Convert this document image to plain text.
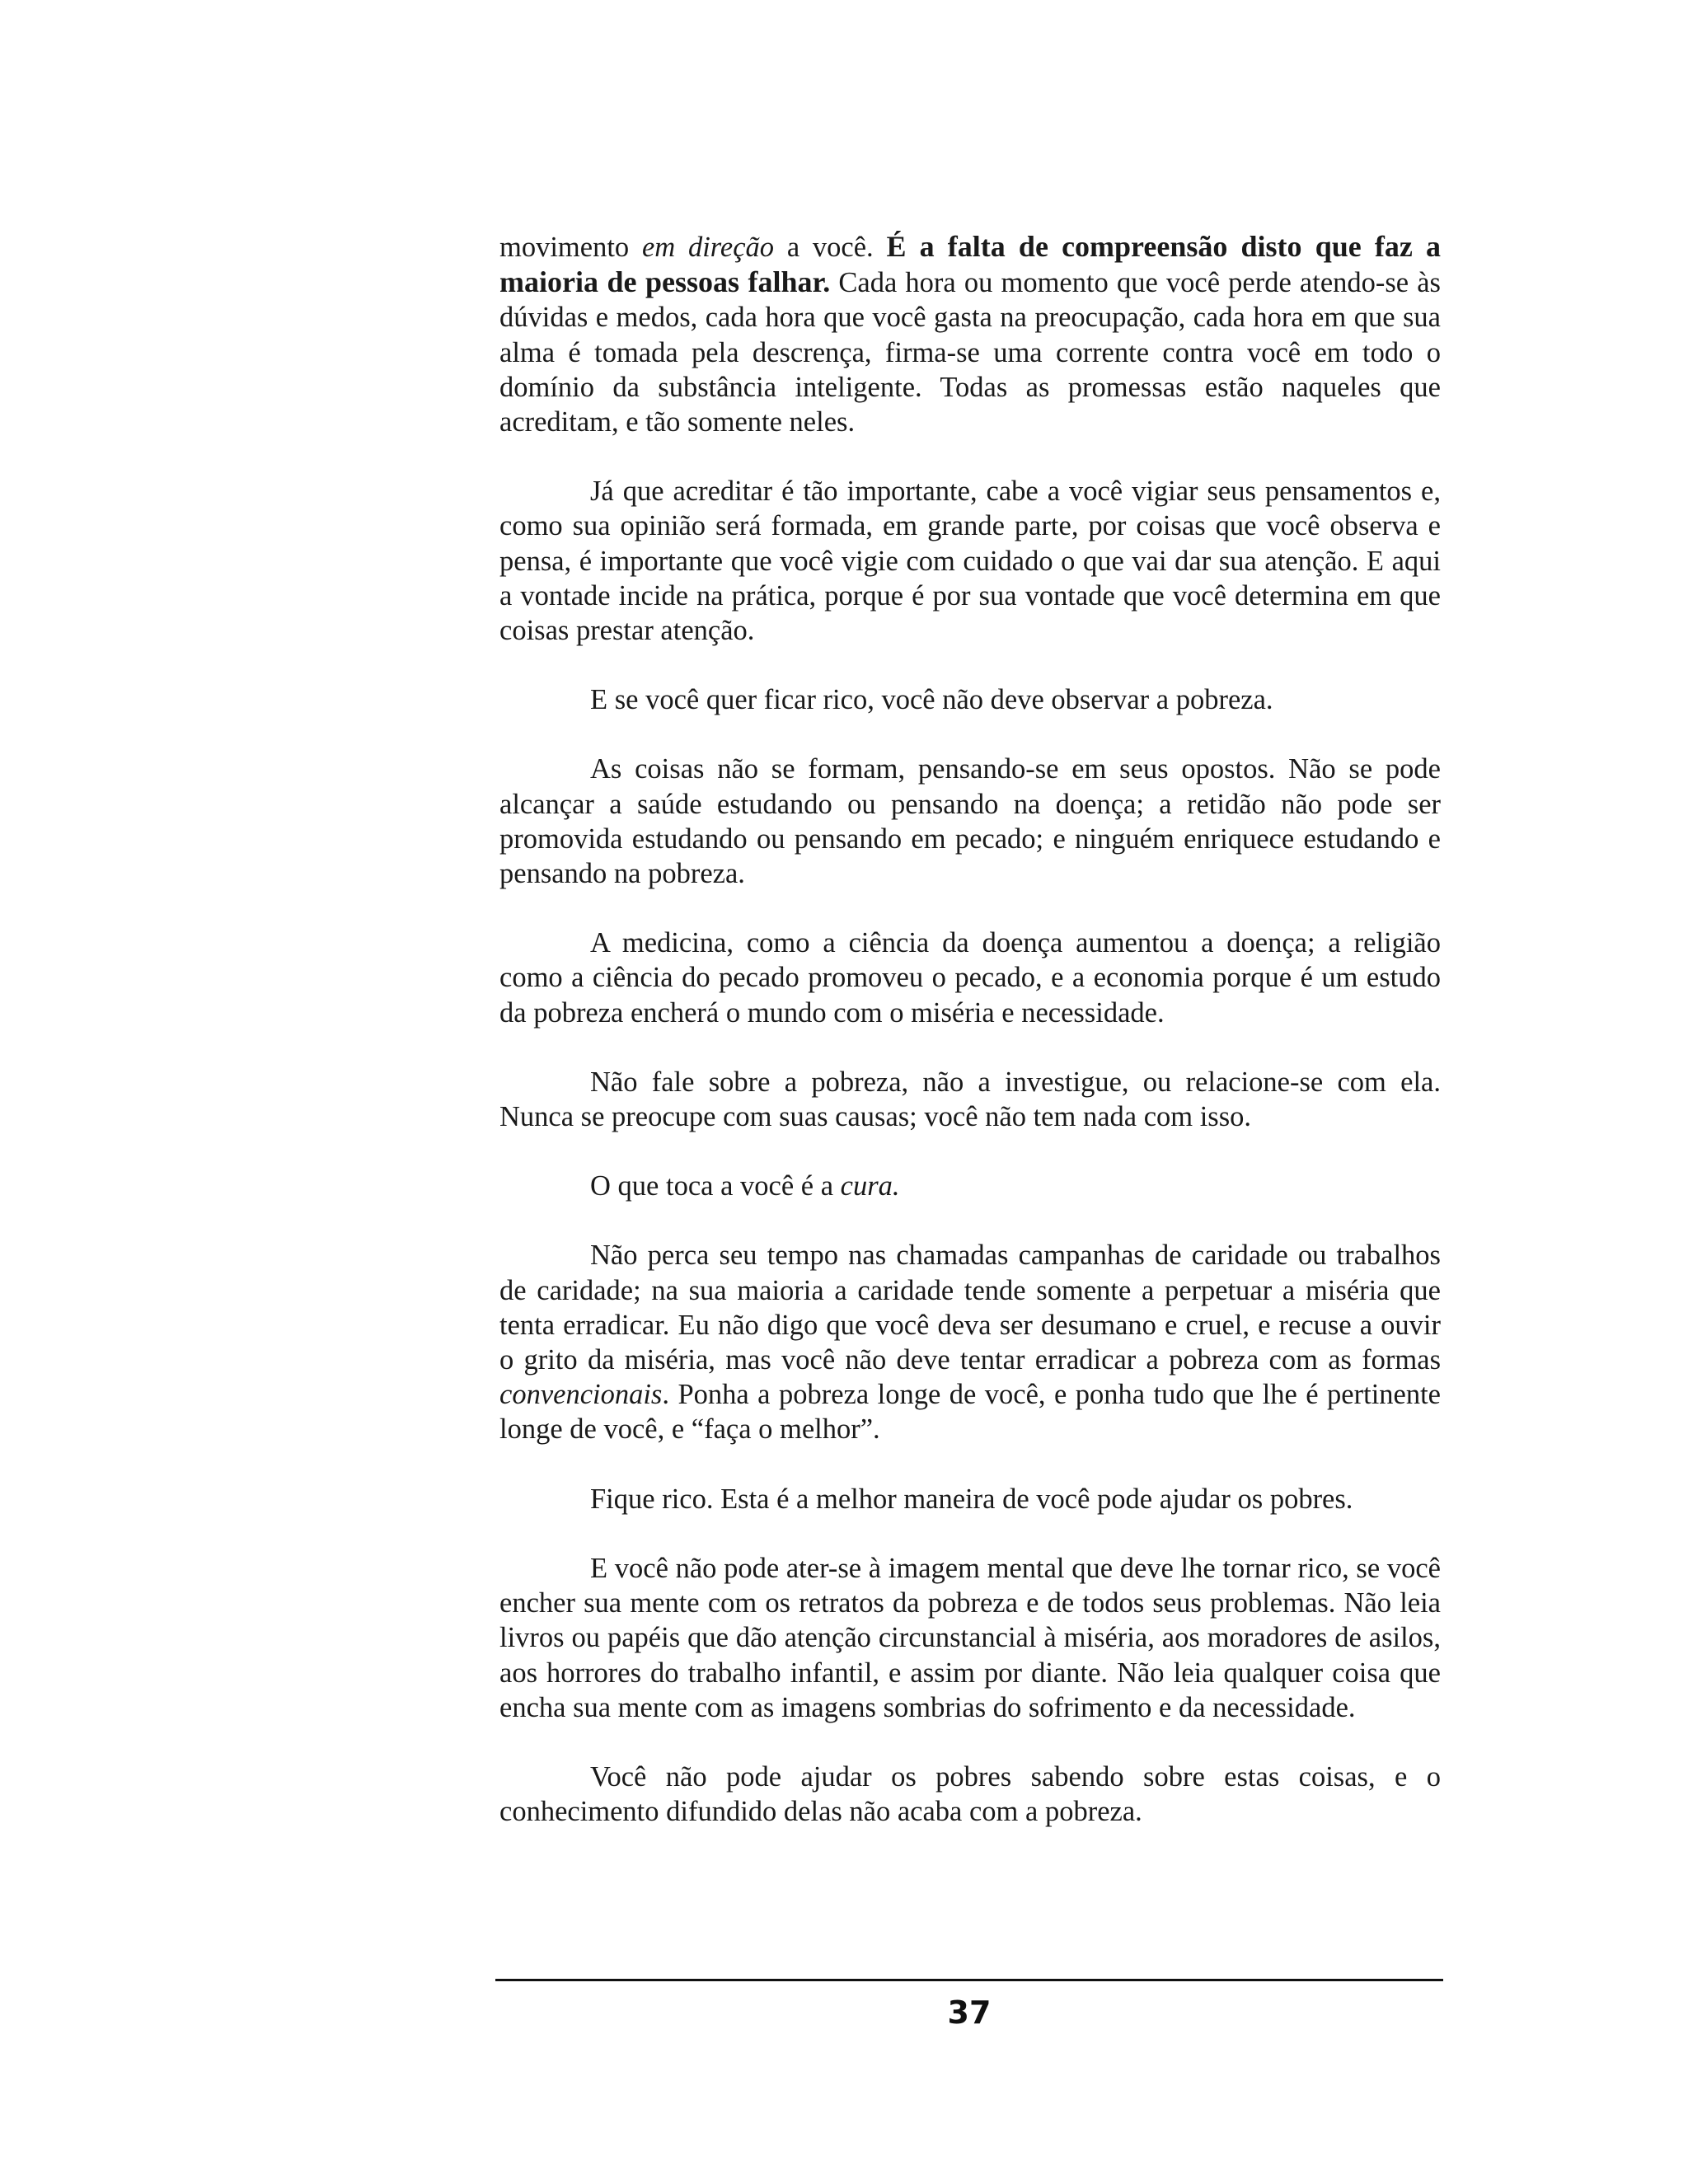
movimento em direção a você. É a falta de compreensão disto que faz a maioria de pessoas falhar. Cada hora ou momento que você perde atendo-se às dúvidas e medos, cada hora que você gasta na preocupação, cada hora em que sua alma é tomada pela descrença, firma-se uma corrente contra você em todo o domínio da substância inteligente. Todas as promessas estão naqueles que acreditam, e tão somente neles.

Já que acreditar é tão importante, cabe a você vigiar seus pensamentos e, como sua opinião será formada, em grande parte, por coisas que você observa e pensa, é importante que você vigie com cuidado o que vai dar sua atenção. E aqui a vontade incide na prática, porque é por sua vontade que você determina em que coisas prestar atenção.

E se você quer ficar rico, você não deve observar a pobreza.

As coisas não se formam, pensando-se em seus opostos. Não se pode alcançar a saúde estudando ou pensando na doença; a retidão não pode ser promovida estudando ou pensando em pecado; e ninguém enriquece estudando e pensando na pobreza.

A medicina, como a ciência da doença aumentou a doença; a religião como a ciência do pecado promoveu o pecado, e a economia porque é um estudo da pobreza encherá o mundo com o miséria e necessidade.

Não fale sobre a pobreza, não a investigue, ou relacione-se com ela. Nunca se preocupe com suas causas; você não tem nada com isso.

O que toca a você é a cura.

Não perca seu tempo nas chamadas campanhas de caridade ou trabalhos de caridade; na sua maioria a caridade tende somente a perpetuar a miséria que tenta erradicar. Eu não digo que você deva ser desumano e cruel, e recuse a ouvir o grito da miséria, mas você não deve tentar erradicar a pobreza com as formas convencionais. Ponha a pobreza longe de você, e ponha tudo que lhe é pertinente longe de você, e “faça o melhor”.

Fique rico. Esta é a melhor maneira de você pode ajudar os pobres.

E você não pode ater-se à imagem mental que deve lhe tornar rico, se você encher sua mente com os retratos da pobreza e de todos seus problemas. Não leia livros ou papéis que dão atenção circunstancial à miséria, aos moradores de asilos, aos horrores do trabalho infantil, e assim por diante. Não leia qualquer coisa que encha sua mente com as imagens sombrias do sofrimento e da necessidade.

Você não pode ajudar os pobres sabendo sobre estas coisas, e o conhecimento difundido delas não acaba com a pobreza.

37
